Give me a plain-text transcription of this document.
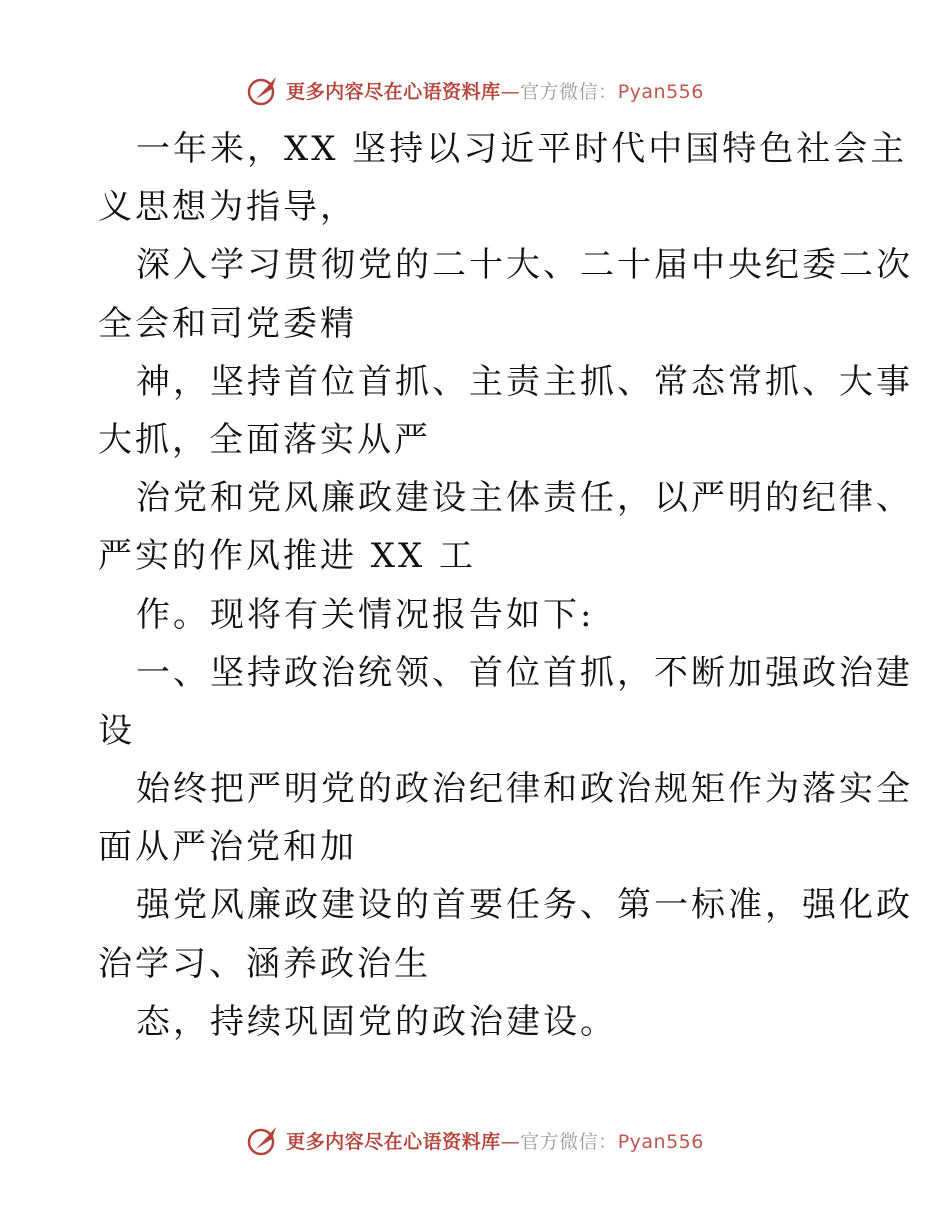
更多内容尽在心语资料库—官方微信：Pyan556
一年来，XX 坚持以习近平时代中国特色社会主
义思想为指导，
深入学习贯彻党的二十大、二十届中央纪委二次
全会和司党委精
神，坚持首位首抓、主责主抓、常态常抓、大事
大抓，全面落实从严
治党和党风廉政建设主体责任，以严明的纪律、
严实的作风推进 XX 工
作。现将有关情况报告如下:
一、坚持政治统领、首位首抓，不断加强政治建
设
始终把严明党的政治纪律和政治规矩作为落实全
面从严治党和加
强党风廉政建设的首要任务、第一标准，强化政
治学习、涵养政治生
态，持续巩固党的政治建设。
更多内容尽在心语资料库—官方微信：Pyan556
